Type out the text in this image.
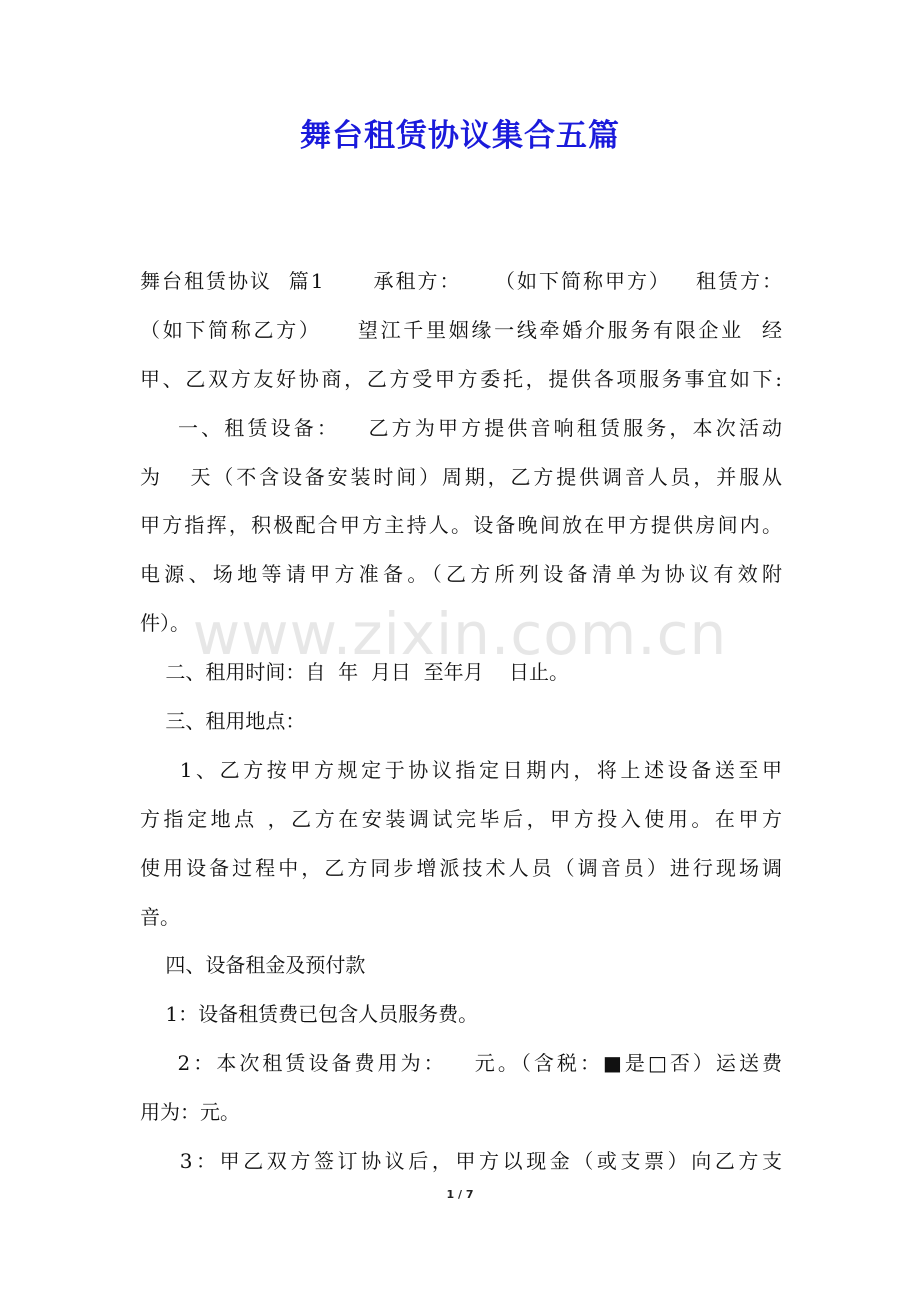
舞台租赁协议集合五篇
舞台租赁协议  篇1      承租方：    （如下简称甲方）   租赁方：
（如下简称乙方）    望江千里姻缘一线牵婚介服务有限企业  经
甲、乙双方友好协商，乙方受甲方委托，提供各项服务事宜如下:
一、租赁设备：   乙方为甲方提供音响租赁服务，本次活动
为   天（不含设备安装时间）周期，乙方提供调音人员，并服从
甲方指挥，积极配合甲方主持人。设备晚间放在甲方提供房间内。
电源、场地等请甲方准备。（乙方所列设备清单为协议有效附
件）。
二、租用时间：自  年  月日  至年月    日止。
三、租用地点：
1、乙方按甲方规定于协议指定日期内，将上述设备送至甲
方指定地点 ，乙方在安装调试完毕后，甲方投入使用。在甲方
使用设备过程中，乙方同步增派技术人员（调音员）进行现场调
音。
四、设备租金及预付款
1：设备租赁费已包含人员服务费。
2：本次租赁设备费用为：   元。（含税：■是□否）运送费
用为：元。
3：甲乙双方签订协议后，甲方以现金（或支票）向乙方支
www.zixin.com.cn
1 / 7
